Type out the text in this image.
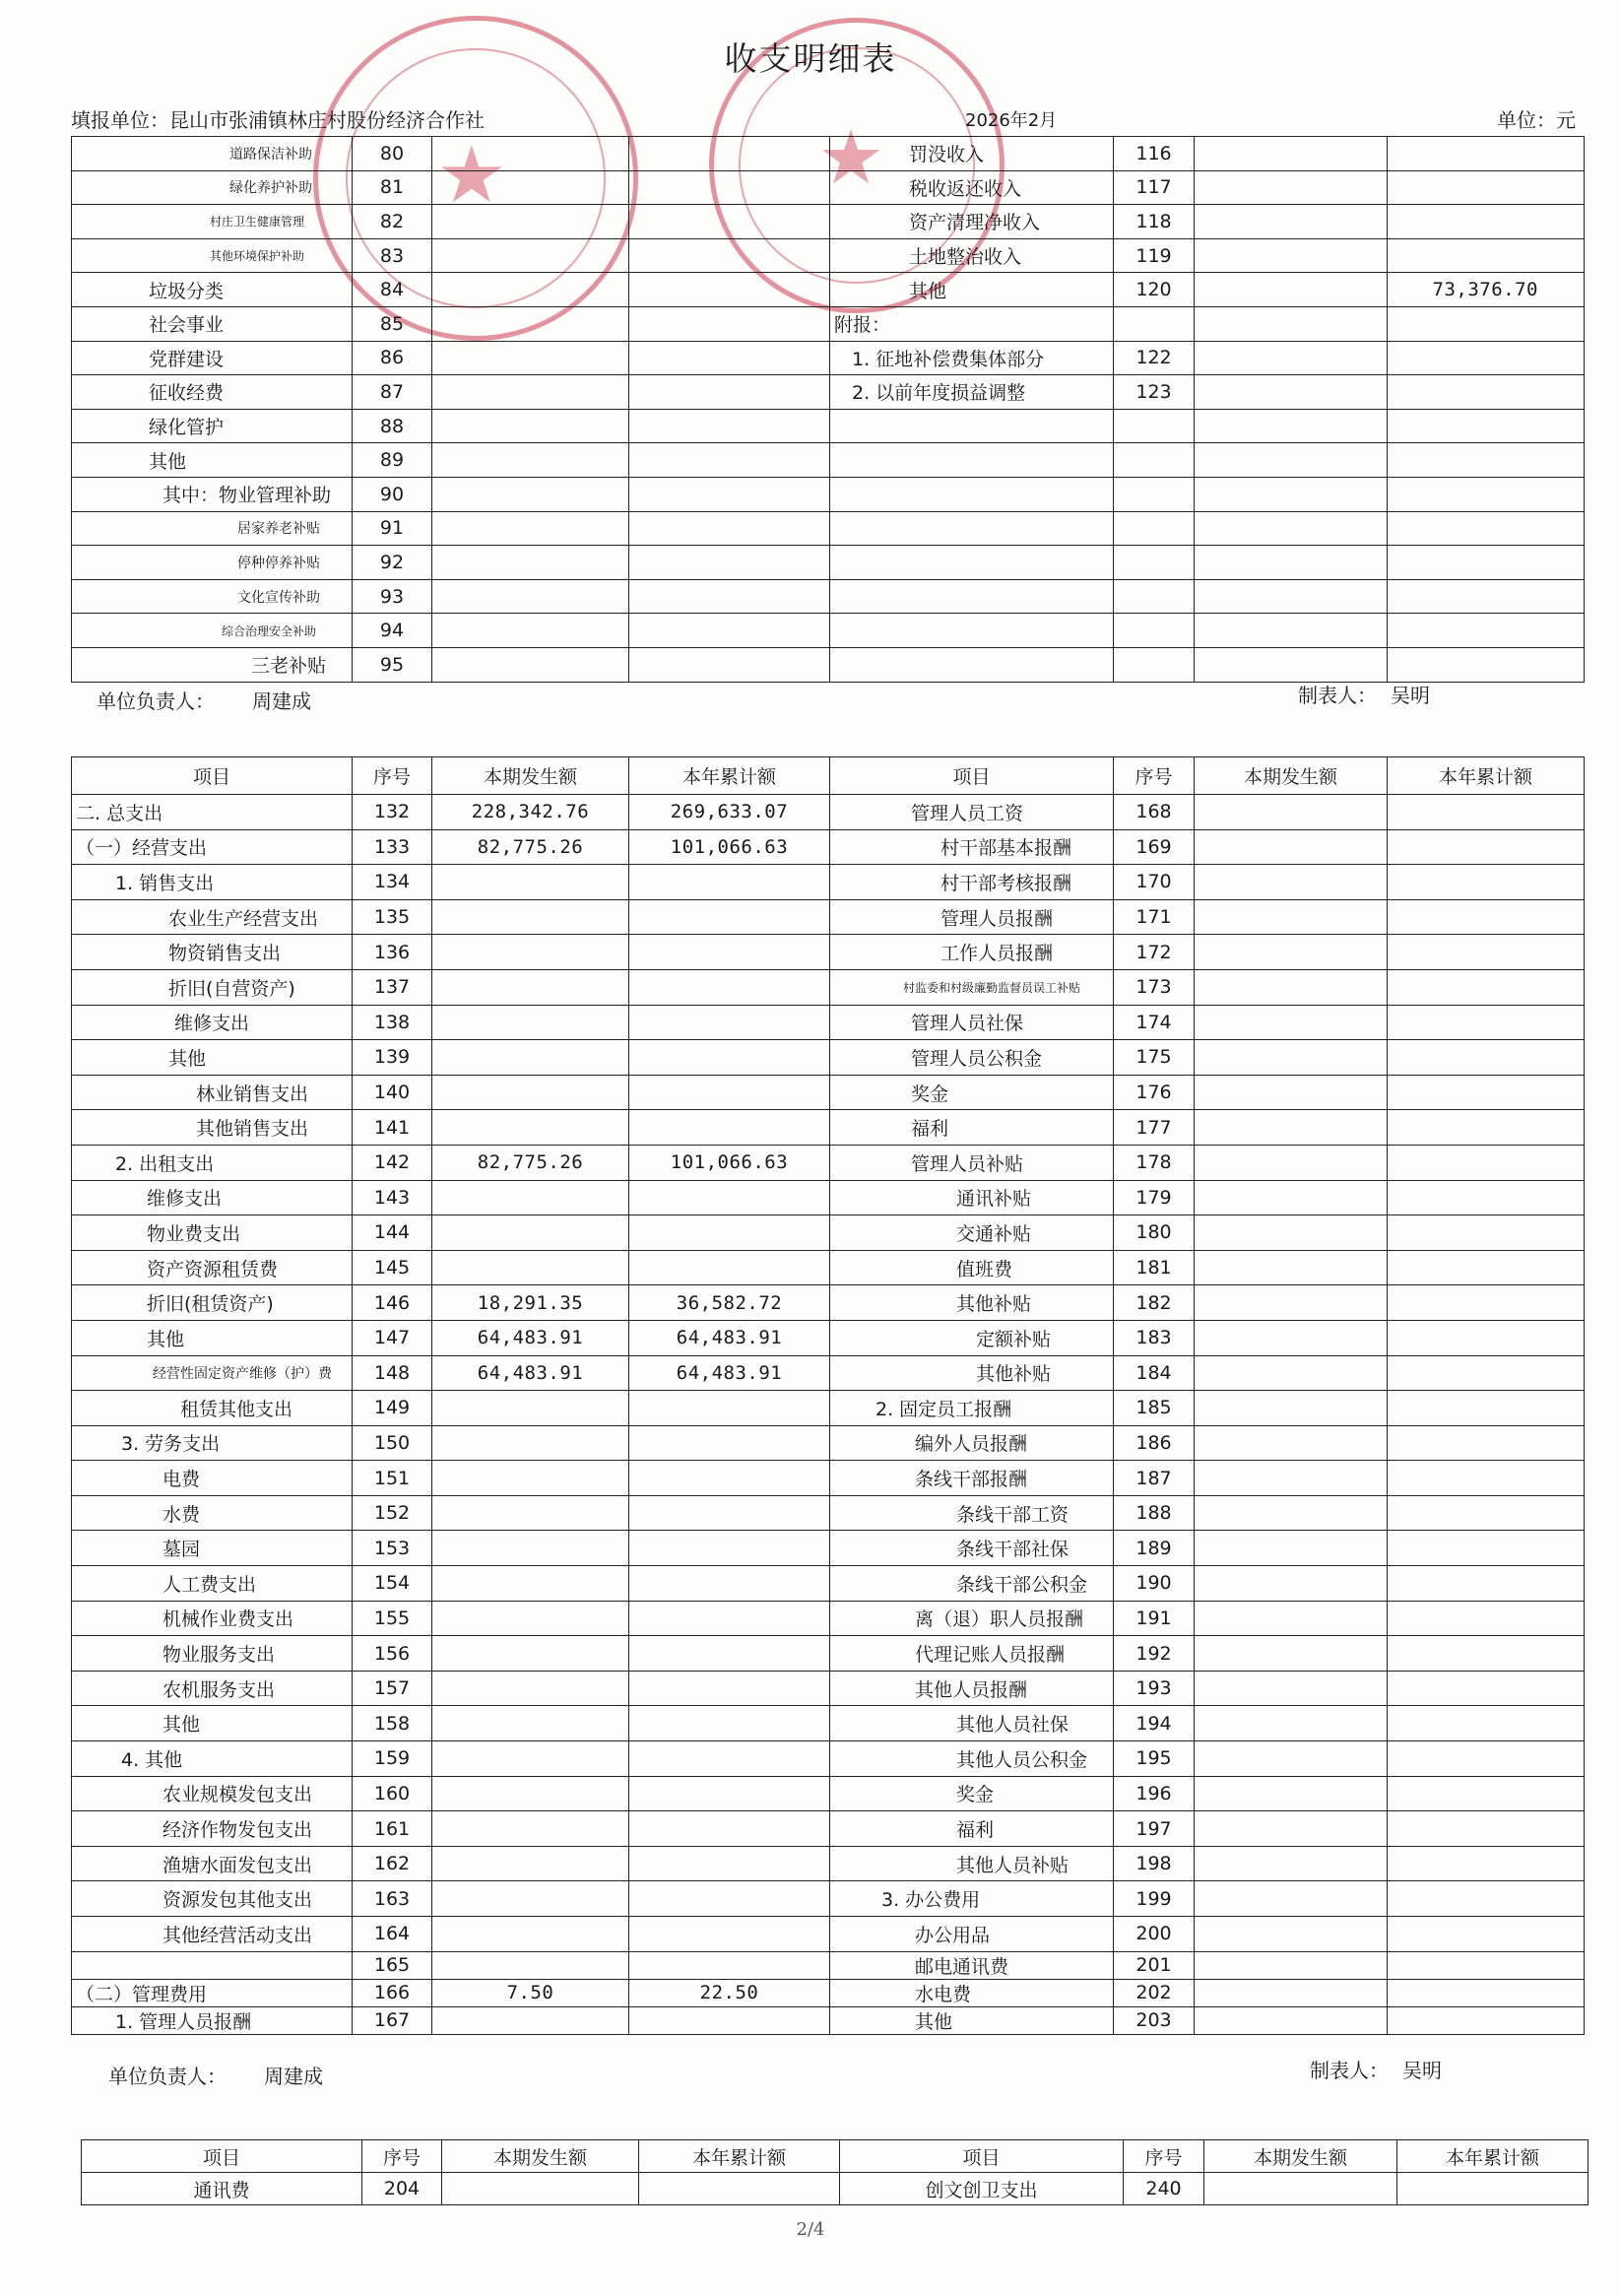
★	★
收支明细表
填报单位：昆山市张浦镇林庄村股份经济合作社	2026年2月	单位：元
道路保洁补助	80			罚没收入	116		
绿化养护补助	81			税收返还收入	117		
村庄卫生健康管理	82			资产清理净收入	118		
其他环境保护补助	83			土地整治收入	119		
垃圾分类	84			其他	120		73,376.70
社会事业	85			附报：			
党群建设	86			1. 征地补偿费集体部分	122		
征收经费	87			2. 以前年度损益调整	123		
绿化管护	88						
其他	89						
其中：物业管理补助	90						
居家养老补贴	91						
停种停养补贴	92						
文化宣传补助	93						
综合治理安全补助	94						
三老补贴	95						
单位负责人： 周建成	制表人： 吴明
项目	序号	本期发生额	本年累计额	项目	序号	本期发生额	本年累计额
二. 总支出	132	228,342.76	269,633.07	管理人员工资	168		
（一）经营支出	133	82,775.26	101,066.63	村干部基本报酬	169		
1. 销售支出	134			村干部考核报酬	170		
农业生产经营支出	135			管理人员报酬	171		
物资销售支出	136			工作人员报酬	172		
折旧(自营资产)	137			村监委和村级廉勤监督员误工补贴	173		
维修支出	138			管理人员社保	174		
其他	139			管理人员公积金	175		
林业销售支出	140			奖金	176		
其他销售支出	141			福利	177		
2. 出租支出	142	82,775.26	101,066.63	管理人员补贴	178		
维修支出	143			通讯补贴	179		
物业费支出	144			交通补贴	180		
资产资源租赁费	145			值班费	181		
折旧(租赁资产)	146	18,291.35	36,582.72	其他补贴	182		
其他	147	64,483.91	64,483.91	定额补贴	183		
经营性固定资产维修（护）费	148	64,483.91	64,483.91	其他补贴	184		
租赁其他支出	149			2. 固定员工报酬	185		
3. 劳务支出	150			编外人员报酬	186		
电费	151			条线干部报酬	187		
水费	152			条线干部工资	188		
墓园	153			条线干部社保	189		
人工费支出	154			条线干部公积金	190		
机械作业费支出	155			离（退）职人员报酬	191		
物业服务支出	156			代理记账人员报酬	192		
农机服务支出	157			其他人员报酬	193		
其他	158			其他人员社保	194		
4. 其他	159			其他人员公积金	195		
农业规模发包支出	160			奖金	196		
经济作物发包支出	161			福利	197		
渔塘水面发包支出	162			其他人员补贴	198		
资源发包其他支出	163			3. 办公费用	199		
其他经营活动支出	164			办公用品	200		
	165			邮电通讯费	201		
（二）管理费用	166	7.50	22.50	水电费	202		
1. 管理人员报酬	167			其他	203		
单位负责人： 周建成	制表人： 吴明
项目	序号	本期发生额	本年累计额	项目	序号	本期发生额	本年累计额
通讯费	204			创文创卫支出	240		
2/4
